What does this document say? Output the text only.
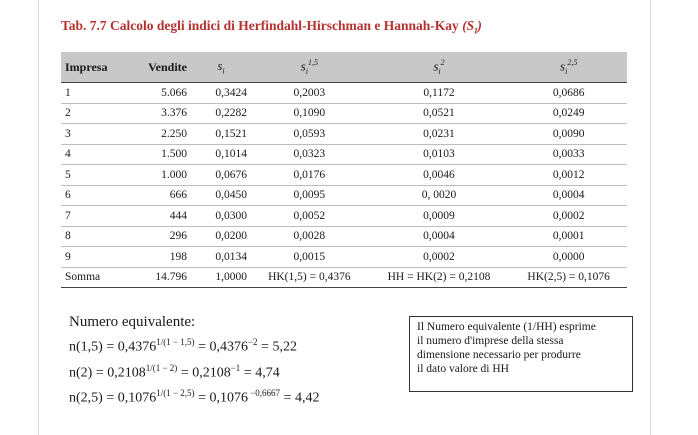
Tab. 7.7 Calcolo degli indici di Herfindahl-Hirschman e Hannah-Kay $(S_I)$
Impresa	Vendite	$s_i$	$s_i^{1,5}$	$s_i^2$	$s_i^{2,5}$
1	5.066	0,3424	0,2003	0,1172	0,0686
2	3.376	0,2282	0,1090	0,0521	0,0249
3	2.250	0,1521	0,0593	0,0231	0,0090
4	1.500	0,1014	0,0323	0,0103	0,0033
5	1.000	0,0676	0,0176	0,0046	0,0012
6	666	0,0450	0,0095	0, 0020	0,0004
7	444	0,0300	0,0052	0,0009	0,0002
8	296	0,0200	0,0028	0,0004	0,0001
9	198	0,0134	0,0015	0,0002	0,0000
Somma	14.796	1,0000	HK(1,5) = 0,4376	HH = HK(2) = 0,2108	HK(2,5) = 0,1076
Numero equivalente:
$n(1,5) = 0,4376^{1/(1 - 1,5)} = 0,4376^{-2} = 5,22$
$n(2) = 0,2108^{1/(1 - 2)} = 0,2108^{-1} = 4,74$
$n(2,5) = 0,1076^{1/(1 - 2,5)} = 0,1076$ $^{-0,6667}$ = 4,42
Il Numero equivalente (1/HH) esprime
il numero d'imprese della stessa
dimensione necessario per produrre
il dato valore di HH
